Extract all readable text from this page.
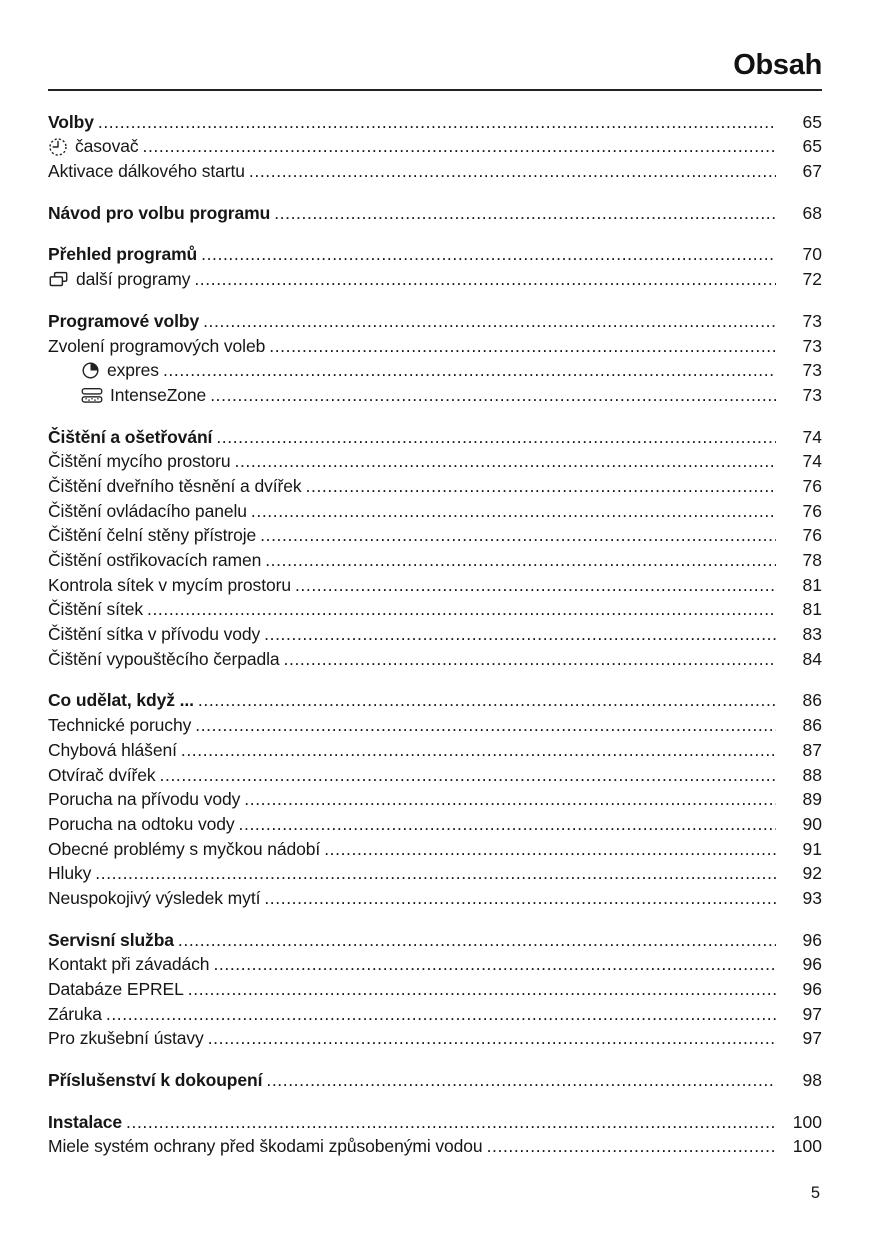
Obsah
Volby .....	65
časovač .....	65
Aktivace dálkového startu .....	67
Návod pro volbu programu .....	68
Přehled programů .....	70
další programy .....	72
Programové volby .....	73
Zvolení programových voleb .....	73
expres .....	73
IntenseZone .....	73
Čištění a ošetřování .....	74
Čištění mycího prostoru .....	74
Čištění dveřního těsnění a dvířek .....	76
Čištění ovládacího panelu .....	76
Čištění čelní stěny přístroje .....	76
Čištění ostřikovacích ramen .....	78
Kontrola sítek v mycím prostoru .....	81
Čištění sítek .....	81
Čištění sítka v přívodu vody .....	83
Čištění vypouštěcího čerpadla .....	84
Co udělat, když ... .....	86
Technické poruchy .....	86
Chybová hlášení .....	87
Otvírač dvířek .....	88
Porucha na přívodu vody .....	89
Porucha na odtoku vody .....	90
Obecné problémy s myčkou nádobí .....	91
Hluky .....	92
Neuspokojivý výsledek mytí .....	93
Servisní služba .....	96
Kontakt při závadách .....	96
Databáze EPREL .....	96
Záruka .....	97
Pro zkušební ústavy .....	97
Příslušenství k dokoupení .....	98
Instalace .....	100
Miele systém ochrany před škodami způsobenými vodou .....	100
5
